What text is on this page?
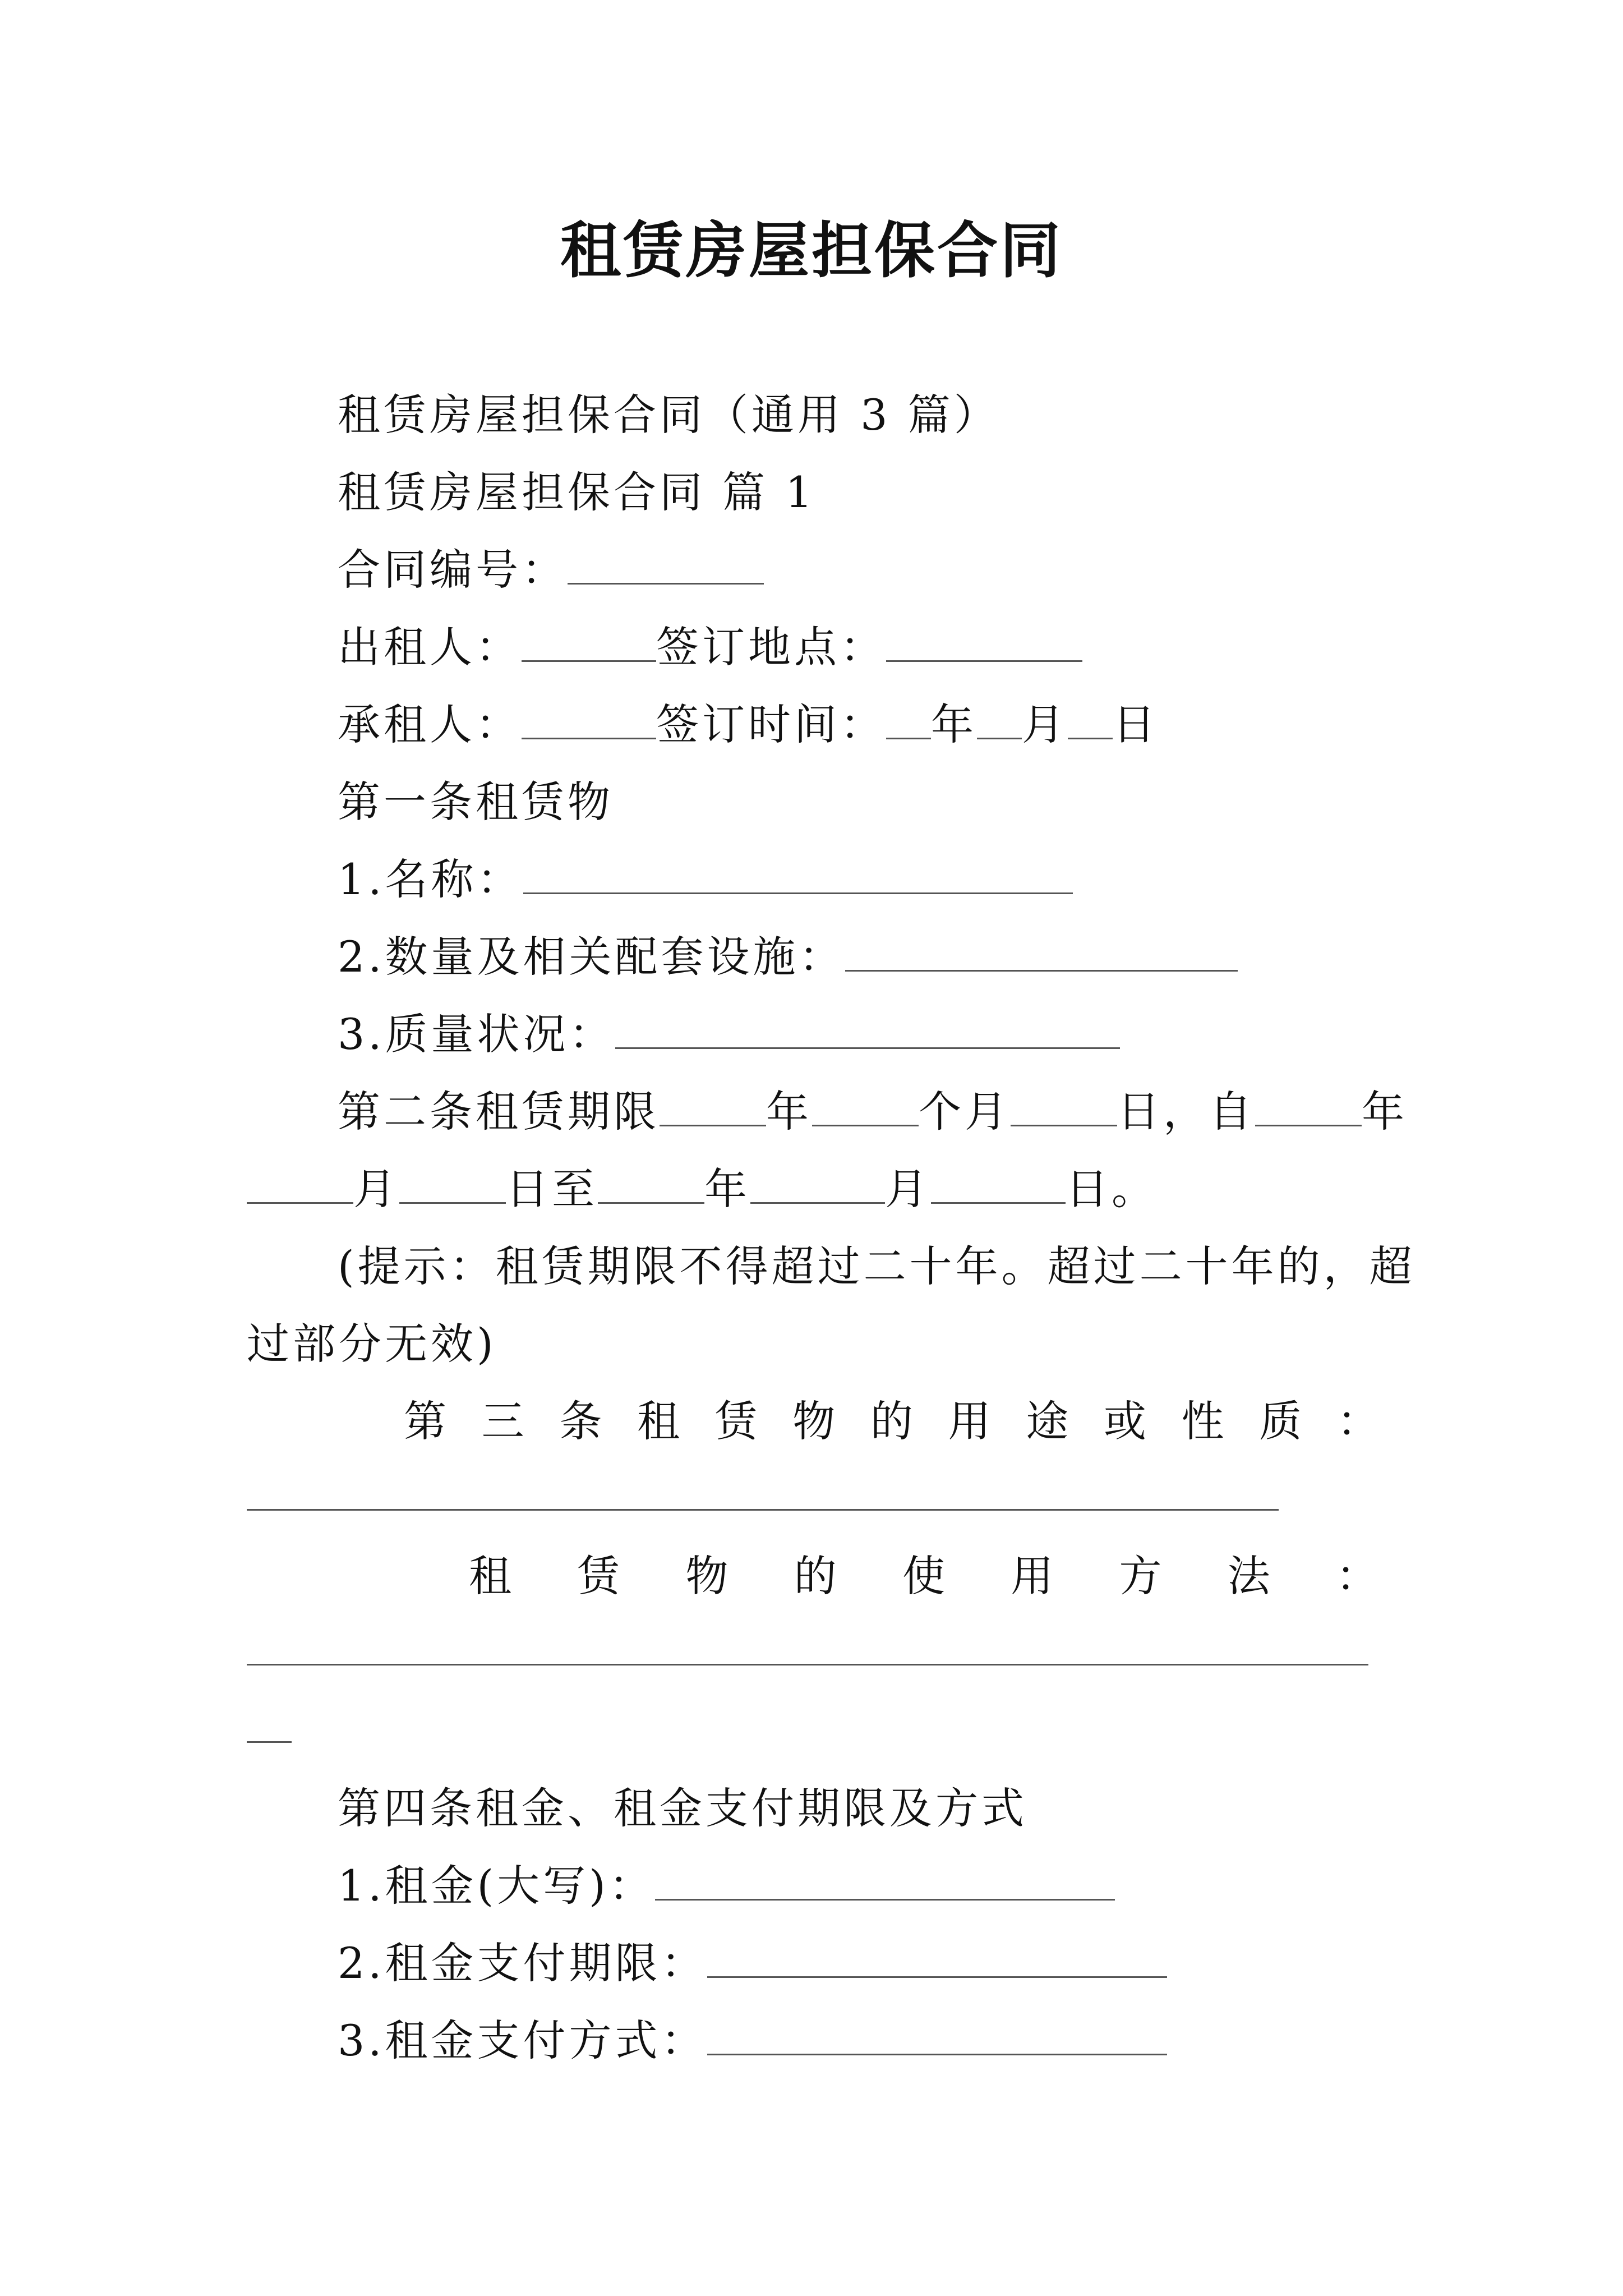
租赁房屋担保合同
租赁房屋担保合同（通用 3 篇）
租赁房屋担保合同 篇 1
合同编号：
出租人：	签订地点：
承租人：	签订时间： 年 月 日
第一条租赁物
1.名称：
2.数量及相关配套设施：
3.质量状况：
第二条租赁期限	年	个月	日，自	年
月	日至	年	月	日。
(提示：租赁期限不得超过二十年。超过二十年的，超
过部分无效)
第 三 条 租 赁 物 的 用 途 或 性 质 ：
租 赁 物 的 使 用 方 法 ：
第四条租金、租金支付期限及方式
1.租金(大写)：
2.租金支付期限：
3.租金支付方式：
